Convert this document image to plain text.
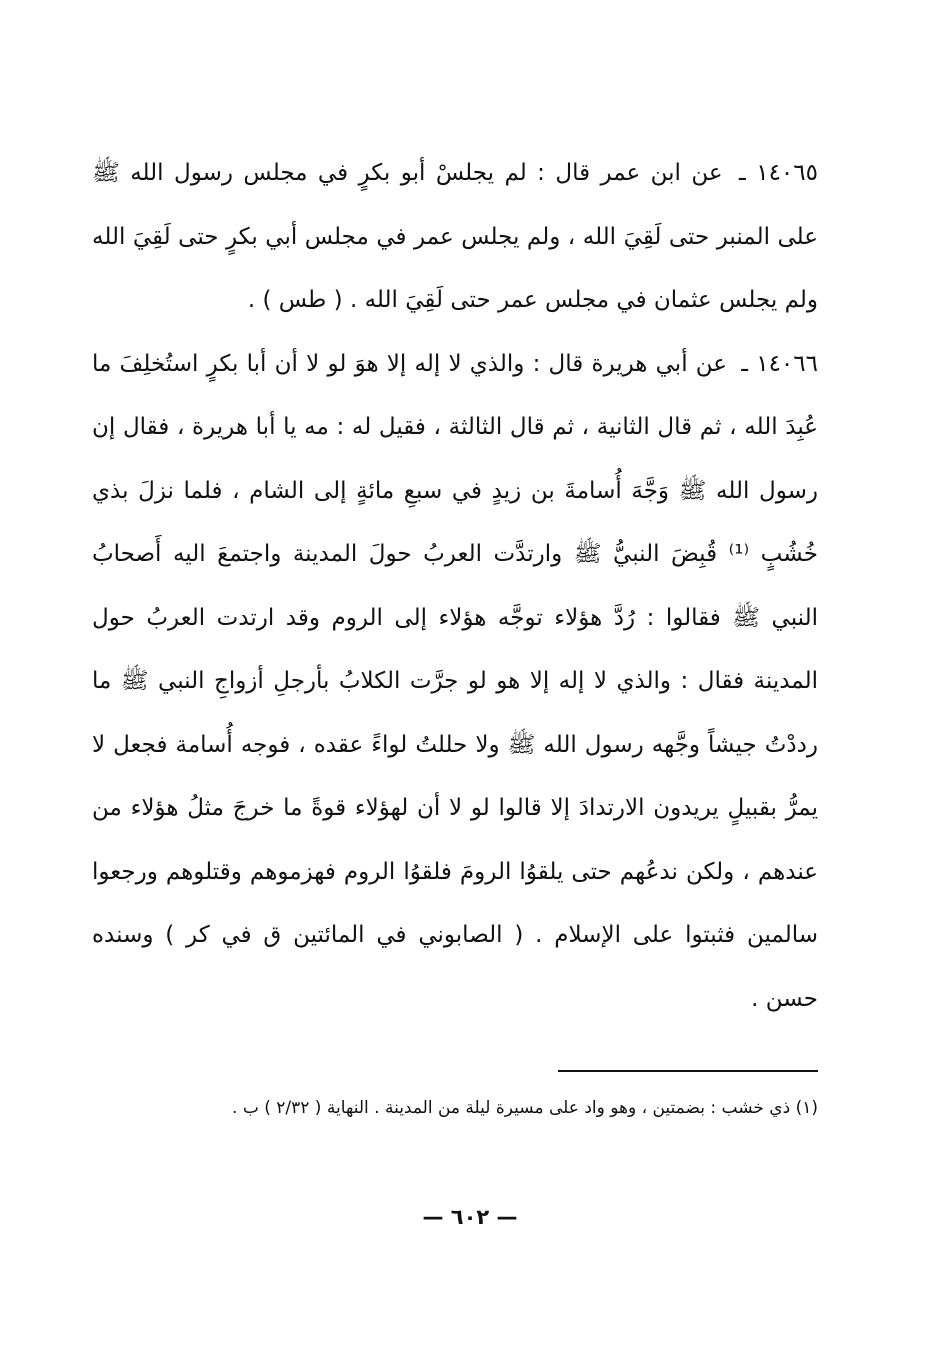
١٤٠٦٥ ـ عن ابن عمر قال : لم يجلسْ أبو بكرٍ في مجلس رسول الله ﷺ على المنبر حتى لَقِيَ الله ، ولم يجلس عمر في مجلس أبي بكرٍ حتى لَقِيَ الله ولم يجلس عثمان في مجلس عمر حتى لَقِيَ الله . ( طس ) .

١٤٠٦٦ ـ عن أبي هريرة قال : والذي لا إله إلا هوَ لو لا أن أبا بكرٍ استُخلِفَ ما عُبِدَ الله ، ثم قال الثانية ، ثم قال الثالثة ، فقيل له : مه يا أبا هريرة ، فقال إن رسول الله ﷺ وَجَّهَ أُسامةَ بن زيدٍ في سبعِ مائةٍ إلى الشام ، فلما نزلَ بذي خُشُبٍ ⁽¹⁾ قُبِضَ النبيُّ ﷺ وارتدَّت العربُ حولَ المدينة واجتمعَ اليه أَصحابُ النبي ﷺ فقالوا : رُدَّ هؤلاء توجَّه هؤلاء إلى الروم وقد ارتدت العربُ حول المدينة فقال : والذي لا إله إلا هو لو جرَّت الكلابُ بأرجلِ أزواجِ النبي ﷺ ما رددْتُ جيشاً وجَّهه رسول الله ﷺ ولا حللتُ لواءً عقده ، فوجه أُسامة فجعل لا يمرُّ بقبيلٍ يريدون الارتدادَ إلا قالوا لو لا أن لهؤلاء قوةً ما خرجَ مثلُ هؤلاء من عندهم ، ولكن ندعُهم حتى يلقوُا الرومَ فلقوُا الروم فهزموهم وقتلوهم ورجعوا سالمين فثبتوا على الإسلام . ( الصابوني في المائتين ق في كر ) وسنده حسن .

(١) ذي خشب : بضمتين ، وهو واد على مسيرة ليلة من المدينة . النهاية ( ٢/٣٢ ) ب .

— ٦٠٢ —
